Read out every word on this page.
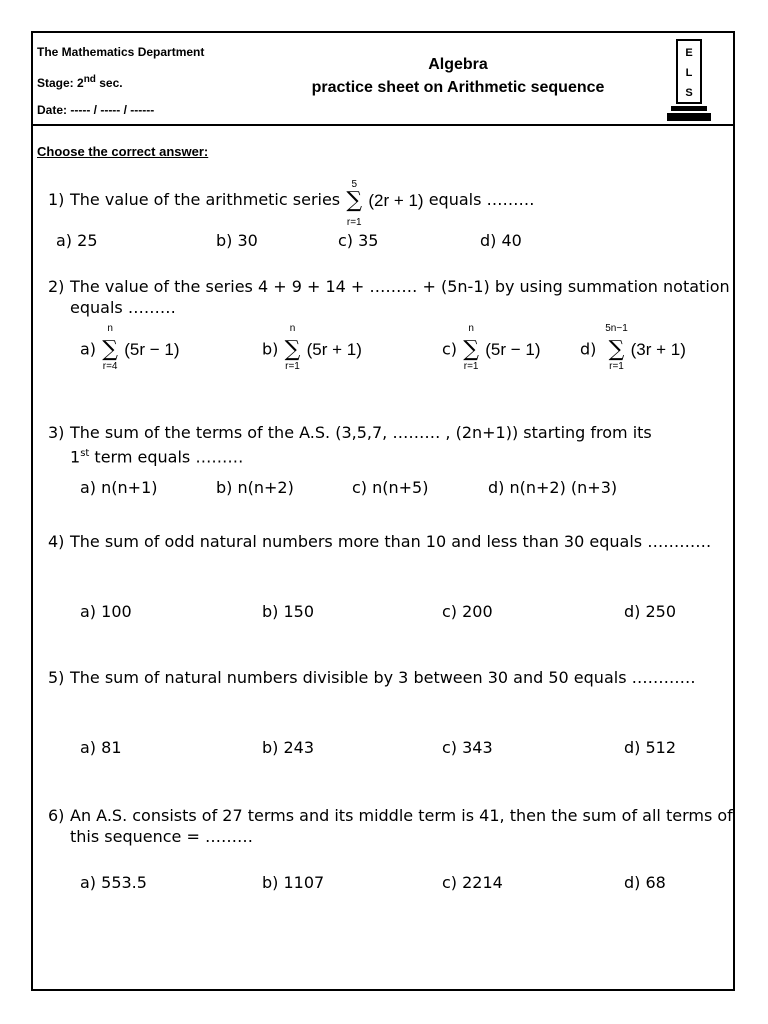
The Mathematics Department
Stage: 2nd sec.
Date: ----- / ----- / ------
Algebra
practice sheet on Arithmetic sequence
E
L
S
Choose the correct answer:
1) The value of the arithmetic series
5
∑
r=1
(2r + 1) equals ………
a) 25	b) 30	c) 35	d) 40
2) The value of the series 4 + 9 + 14 + ……… + (5n-1) by using summation notation equals ………
a)
n
∑
r=4
(5r − 1)	b)
n
∑
r=1
(5r + 1)	c)
n
∑
r=1
(5r − 1) d)
5n−1
∑
r=1
(3r + 1)
3) The sum of the terms of the A.S. (3,5,7, ……… , (2n+1)) starting from its
1st term equals ………
a) n(n+1)	b) n(n+2)	c) n(n+5)	d) n(n+2) (n+3)
4) The sum of odd natural numbers more than 10 and less than 30 equals …………
a) 100	b) 150	c) 200	d) 250
5) The sum of natural numbers divisible by 3 between 30 and 50 equals …………
a) 81	b) 243	c) 343	d) 512
6) An A.S. consists of 27 terms and its middle term is 41, then the sum of all terms of this sequence = ………
a) 553.5	b) 1107	c) 2214	d) 68
